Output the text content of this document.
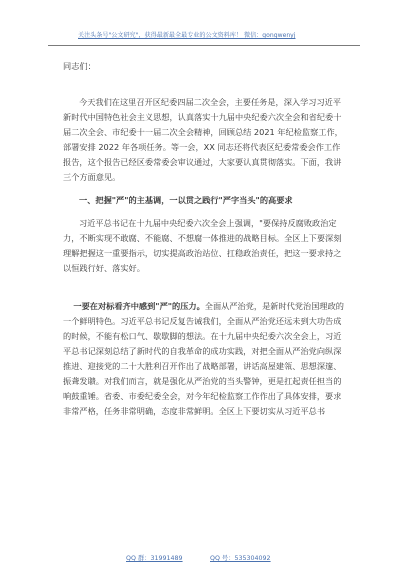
关注头条号"公文研究"，获得最新最全最专业的公文资料库！ 微信：gongwenyj

同志们：

今天我们在这里召开区纪委四届二次全会，主要任务是，深入学习习近平新时代中国特色社会主义思想，认真落实十九届中央纪委六次全会和省纪委十届二次全会、市纪委十一届二次全会精神，回顾总结 2021 年纪检监察工作，部署安排 2022 年各项任务。等一会，XX 同志还将代表区纪委常委会作工作报告，这个报告已经区委常委会审议通过，大家要认真贯彻落实。下面，我讲三个方面意见。

一、把握"严"的主基调，一以贯之践行"严字当头"的高要求

习近平总书记在十九届中央纪委六次全会上强调，"要保持反腐败政治定力，不断实现不敢腐、不能腐、不想腐一体推进的战略目标。全区上下要深刻理解把握这一重要指示，切实提高政治站位、扛稳政治责任，把这一要求持之以恒践行好、落实好。

一要在对标看齐中感到"严"的压力。全面从严治党，是新时代党治国理政的一个鲜明特色。习近平总书记反复告诫我们，全面从严治党还远未到大功告成的时候，不能有松口气、歇歇脚的想法。在十九届中央纪委六次全会上，习近平总书记深刻总结了新时代的自我革命的成功实践，对把全面从严治党向纵深推进、迎接党的二十大胜利召开作出了战略部署，讲话高屋建瓴、思想深邃、振聋发聩。对我们而言，就是强化从严治党的当头警钟，更是扛起责任担当的响鼓重锤。省委、市委纪委全会，对今年纪检监察工作作出了具体安排，要求非常严格，任务非常明确，态度非常鲜明。全区上下要切实从习近平总书

QQ 群：31991489	QQ 号：535304092
